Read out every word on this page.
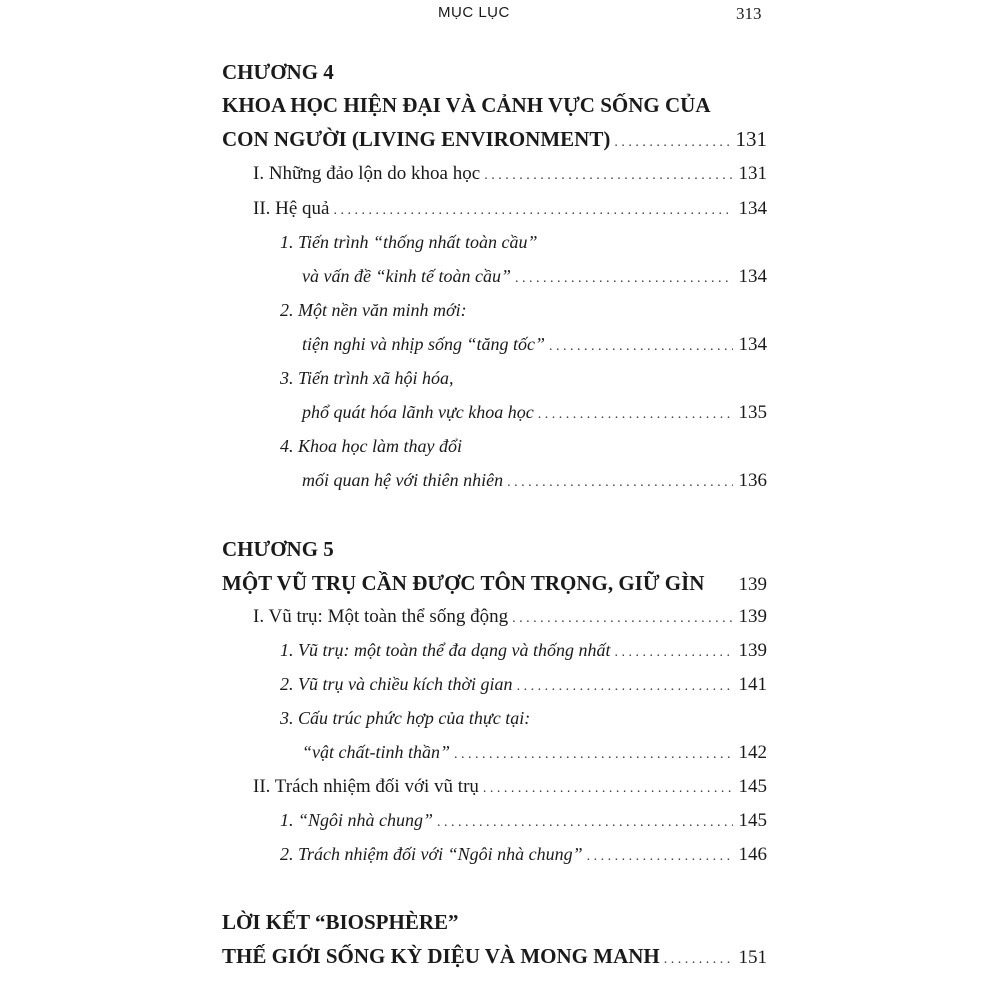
MỤC LỤC	313
CHƯƠNG 4
KHOA HỌC HIỆN ĐẠI VÀ CẢNH VỰC SỐNG CỦA
CON NGƯỜI (LIVING ENVIRONMENT) . . .	131
I. Những đảo lộn do khoa học . . .	131
II. Hệ quả . . .	134
1. Tiến trình “thống nhất toàn cầu”
và vấn đề “kinh tế toàn cầu” . . .	134
2. Một nền văn minh mới:
tiện nghi và nhịp sống “tăng tốc” . . .	134
3. Tiến trình xã hội hóa,
phổ quát hóa lãnh vực khoa học . . .	135
4. Khoa học làm thay đổi
mối quan hệ với thiên nhiên . . .	136
CHƯƠNG 5
MỘT VŨ TRỤ CẦN ĐƯỢC TÔN TRỌNG, GIỮ GÌN 139
I. Vũ trụ: Một toàn thể sống động . . .	139
1. Vũ trụ: một toàn thể đa dạng và thống nhất . . .	139
2. Vũ trụ và chiều kích thời gian . . .	141
3. Cấu trúc phức hợp của thực tại:
“vật chất-tinh thần” . . .	142
II. Trách nhiệm đối với vũ trụ . . .	145
1. “Ngôi nhà chung” . . .	145
2. Trách nhiệm đối với “Ngôi nhà chung” . . .	146
LỜI KẾT “BIOSPHÈRE”
THẾ GIỚI SỐNG KỲ DIỆU VÀ MONG MANH . . .	151
